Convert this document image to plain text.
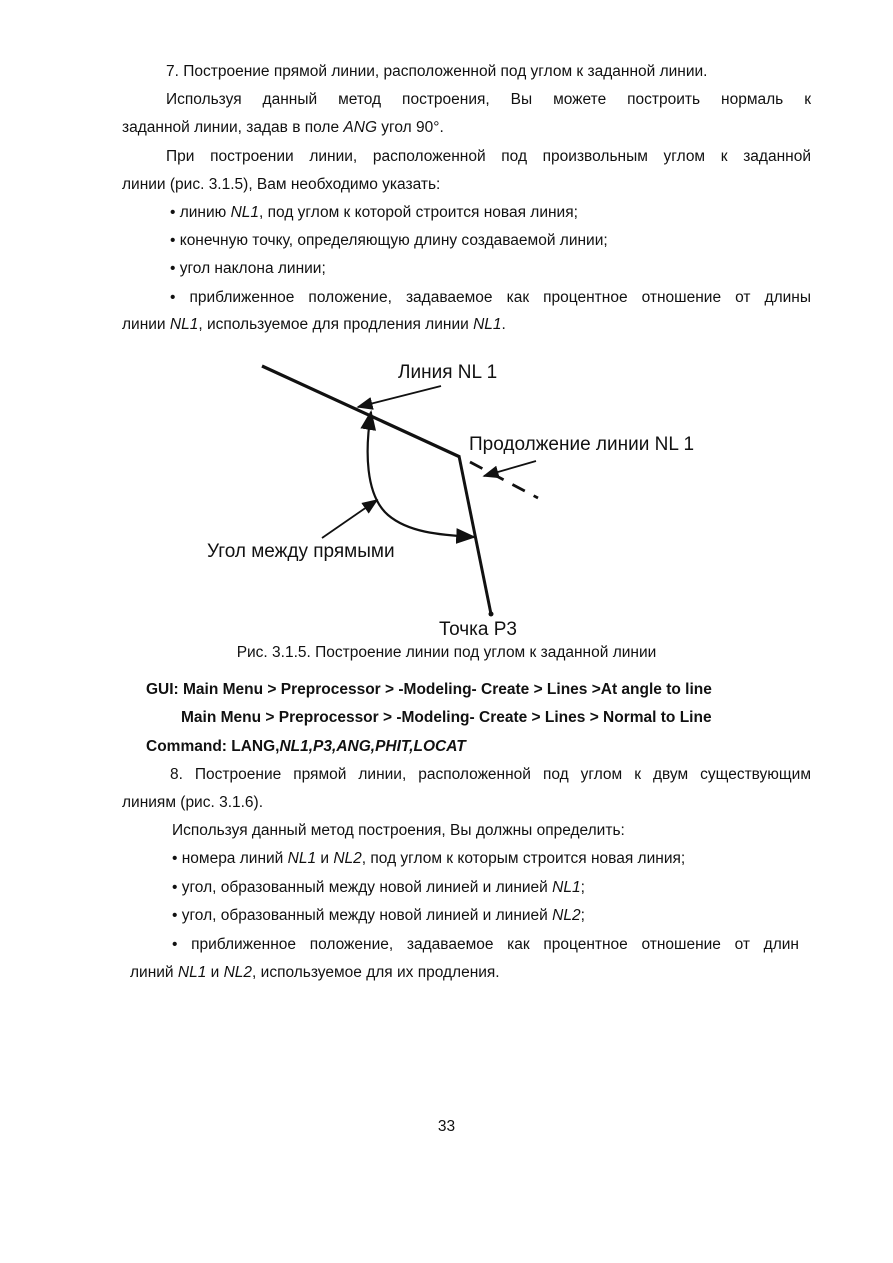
7. Построение прямой линии, расположенной под углом к заданной линии.
Используя данный метод построения, Вы можете построить нормаль к
заданной линии, задав в поле ANG угол 90°.
При построении линии, расположенной под произвольным углом к заданной
линии (рис. 3.1.5), Вам необходимо указать:
• линию NL1, под углом к которой строится новая линия;
• конечную точку, определяющую длину создаваемой линии;
• угол наклона линии;
• приближенное положение, задаваемое как процентное отношение от длины
линии NL1, используемое для продления линии NL1.
Линия NL 1
Продолжение линии NL 1
Угол между прямыми
Точка P3
Рис. 3.1.5. Построение линии под углом к заданной линии
GUI: Main Menu > Preprocessor > -Modeling- Create > Lines >At angle to line
Main Menu > Preprocessor > -Modeling- Create > Lines > Normal to Line
Command: LANG,NL1,P3,ANG,PHIT,LOCAT
8. Построение прямой линии, расположенной под углом к двум существующим
линиям (рис. 3.1.6).
Используя данный метод построения, Вы должны определить:
• номера линий NL1 и NL2, под углом к которым строится новая линия;
• угол, образованный между новой линией и линией NL1;
• угол, образованный между новой линией и линией NL2;
• приближенное положение, задаваемое как процентное отношение от длин
линий NL1 и NL2, используемое для их продления.
33
